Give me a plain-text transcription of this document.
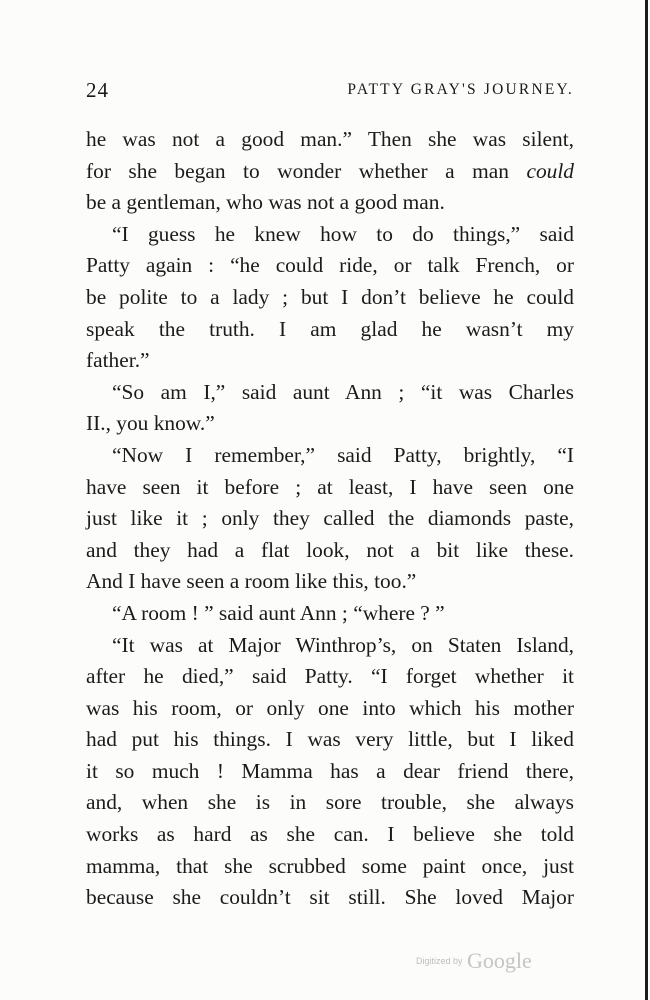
24	PATTY GRAY'S JOURNEY.
he was not a good man.” Then she was silent,
for she began to wonder whether a man could
be a gentleman, who was not a good man.
“I guess he knew how to do things,” said
Patty again : “he could ride, or talk French, or
be polite to a lady ; but I don’t believe he could
speak the truth. I am glad he wasn’t my
father.”
“So am I,” said aunt Ann ; “it was Charles
II., you know.”
“Now I remember,” said Patty, brightly, “I
have seen it before ; at least, I have seen one
just like it ; only they called the diamonds paste,
and they had a flat look, not a bit like these.
And I have seen a room like this, too.”
“A room ! ” said aunt Ann ; “where ? ”
“It was at Major Winthrop’s, on Staten Island,
after he died,” said Patty. “I forget whether it
was his room, or only one into which his mother
had put his things. I was very little, but I liked
it so much ! Mamma has a dear friend there,
and, when she is in sore trouble, she always
works as hard as she can. I believe she told
mamma, that she scrubbed some paint once, just
because she couldn’t sit still. She loved Major
Digitized by Google
